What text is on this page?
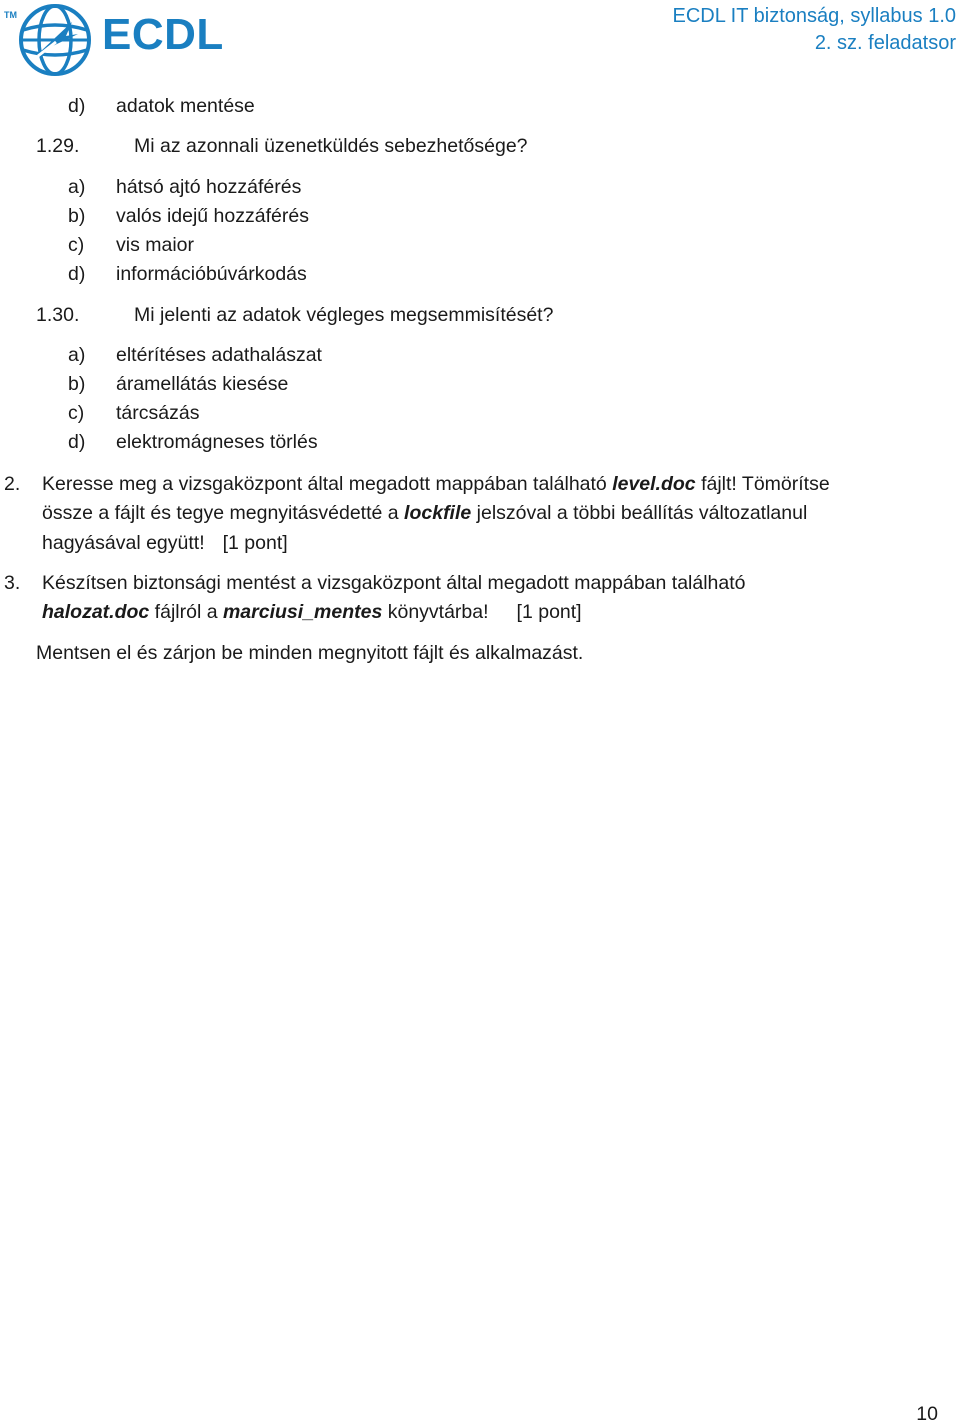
TM ECDL	ECDL IT biztonság, syllabus 1.0
2. sz. feladatsor
d) adatok mentése
1.29.	Mi az azonnali üzenetküldés sebezhetősége?
a) hátsó ajtó hozzáférés
b) valós idejű hozzáférés
c) vis maior
d) információbúvárkodás
1.30.	Mi jelenti az adatok végleges megsemmisítését?
a) eltérítéses adathalászat
b) áramellátás kiesése
c) tárcsázás
d) elektromágneses törlés
2. Keresse meg a vizsgaközpont által megadott mappában található level.doc fájlt! Tömörítse
össze a fájlt és tegye megnyitásvédetté a lockfile jelszóval a többi beállítás változatlanul
hagyásával együtt! [1 pont]
3. Készítsen biztonsági mentést a vizsgaközpont által megadott mappában található
halozat.doc fájlról a marciusi_mentes könyvtárba! [1 pont]
Mentsen el és zárjon be minden megnyitott fájlt és alkalmazást.
10
